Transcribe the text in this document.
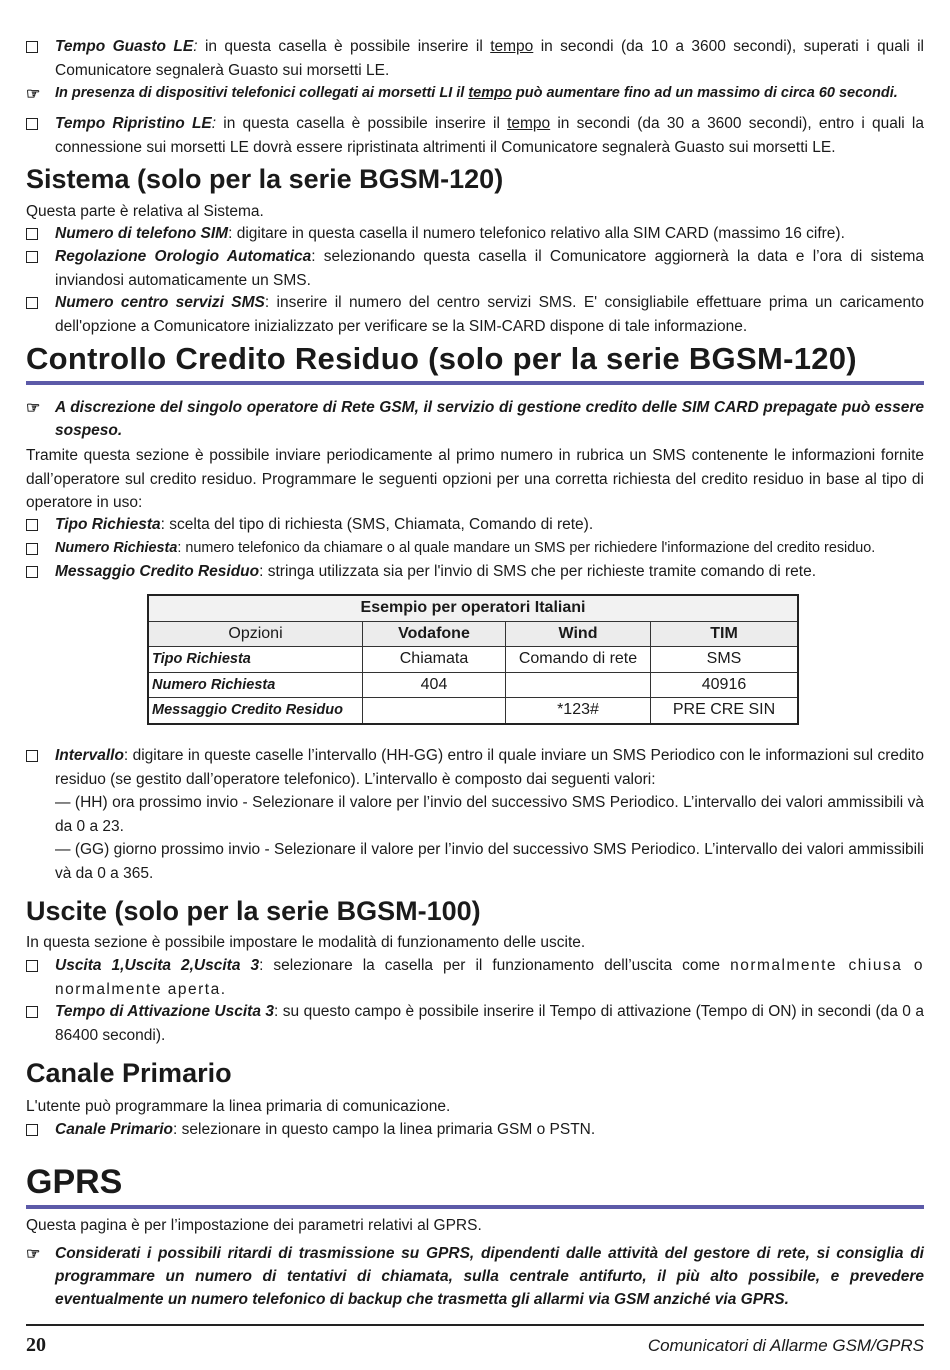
Tempo Guasto LE: in questa casella è possibile inserire il tempo in secondi (da 10 a 3600 secondi), superati i quali il Comunicatore segnalerà Guasto sui morsetti LE.
☞ In presenza di dispositivi telefonici collegati ai morsetti LI il tempo può aumentare fino ad un massimo di circa 60 secondi.
Tempo Ripristino LE: in questa casella è possibile inserire il tempo in secondi (da 30 a 3600 secondi), entro i quali la connessione sui morsetti LE dovrà essere ripristinata altrimenti il Comunicatore segnalerà Guasto sui morsetti LE.
Sistema (solo per la serie BGSM-120)
Questa parte è relativa al Sistema.
Numero di telefono SIM: digitare in questa casella il numero telefonico relativo alla SIM CARD (massimo 16 cifre).
Regolazione Orologio Automatica: selezionando questa casella il Comunicatore aggiornerà la data e l’ora di sistema inviandosi automaticamente un SMS.
Numero centro servizi SMS: inserire il numero del centro servizi SMS. E' consigliabile effettuare prima un caricamento dell'opzione a Comunicatore inizializzato per verificare se la SIM-CARD dispone di tale informazione.
Controllo Credito Residuo (solo per la serie BGSM-120)
☞ A discrezione del singolo operatore di Rete GSM, il servizio di gestione credito delle SIM CARD prepagate può essere sospeso.
Tramite questa sezione è possibile inviare periodicamente al primo numero in rubrica un SMS contenente le informazioni fornite dall’operatore sul credito residuo. Programmare le seguenti opzioni per una corretta richiesta del credito residuo in base al tipo di operatore in uso:
Tipo Richiesta: scelta del tipo di richiesta (SMS, Chiamata, Comando di rete).
Numero Richiesta: numero telefonico da chiamare o al quale mandare un SMS per richiedere l'informazione del credito residuo.
Messaggio Credito Residuo: stringa utilizzata sia per l'invio di SMS che per richieste tramite comando di rete.
Esempio per operatori Italiani			
Opzioni	Vodafone	Wind	TIM
Tipo Richiesta	Chiamata	Comando di rete	SMS
Numero Richiesta	404		40916
Messaggio Credito Residuo		*123#	PRE CRE SIN
Intervallo: digitare in queste caselle l’intervallo (HH-GG) entro il quale inviare un SMS Periodico con le informazioni sul credito residuo (se gestito dall’operatore telefonico). L’intervallo è composto dai seguenti valori:
— (HH) ora prossimo invio - Selezionare il valore per l’invio del successivo SMS Periodico. L’intervallo dei valori ammissibili và da 0 a 23.
— (GG) giorno prossimo invio - Selezionare il valore per l’invio del successivo SMS Periodico. L’intervallo dei valori ammissibili và da 0 a 365.
Uscite (solo per la serie BGSM-100)
In questa sezione è possibile impostare le modalità di funzionamento delle uscite.
Uscita 1,Uscita 2,Uscita 3: selezionare la casella per il funzionamento dell’uscita come normalmente chiusa o normalmente aperta.
Tempo di Attivazione Uscita 3: su questo campo è possibile inserire il Tempo di attivazione (Tempo di ON) in secondi (da 0 a 86400 secondi).
Canale Primario
L'utente può programmare la linea primaria di comunicazione.
Canale Primario: selezionare in questo campo la linea primaria GSM o PSTN.
GPRS
Questa pagina è per l’impostazione dei parametri relativi al GPRS.
☞ Considerati i possibili ritardi di trasmissione su GPRS, dipendenti dalle attività del gestore di rete, si consiglia di programmare un numero di tentativi di chiamata, sulla centrale antifurto, il più alto possibile, e prevedere eventualmente un numero telefonico di backup che trasmetta gli allarmi via GSM anziché via GPRS.
20	Comunicatori di Allarme GSM/GPRS
